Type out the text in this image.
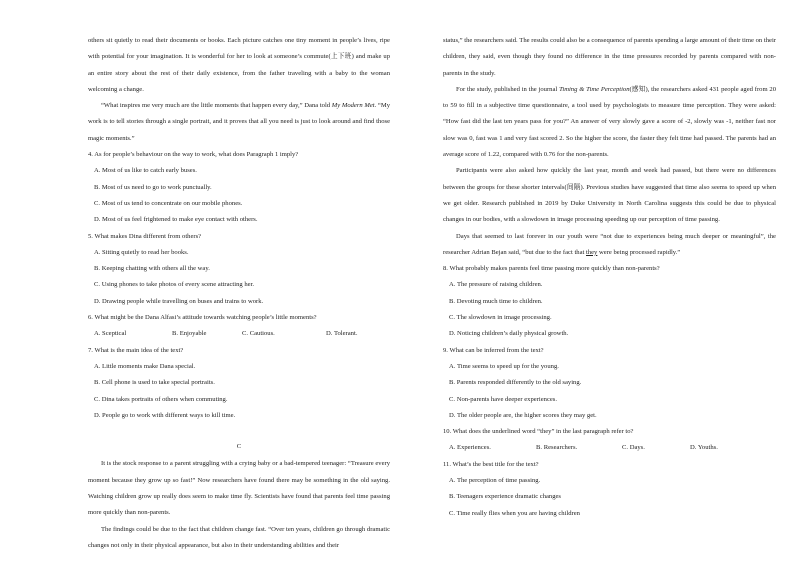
others sit quietly to read their documents or books. Each picture catches one tiny moment in people’s lives, ripe with potential for your imagination. It is wonderful for her to look at someone’s commute(上下班) and make up an entire story about the rest of their daily existence, from the father traveling with a baby to the woman welcoming a change.

“What inspires me very much are the little moments that happen every day,” Dana told My Modern Met. “My work is to tell stories through a single portrait, and it proves that all you need is just to look around and find those magic moments.”

4. As for people’s behaviour on the way to work, what does Paragraph 1 imply?

A. Most of us like to catch early buses.

B. Most of us need to go to work punctually.

C. Most of us tend to concentrate on our mobile phones.

D. Most of us feel frightened to make eye contact with others.

5. What makes Dina different from others?

A. Sitting quietly to read her books.

B. Keeping chatting with others all the way.

C. Using phones to take photos of every scene attracting her.

D. Drawing people while travelling on buses and trains to work.

6. What might be the Dana Alfasi’s attitude towards watching people’s little moments?

A. Sceptical	B. Enjoyable	C. Cautious.	D. Tolerant.

7. What is the main idea of the text?

A. Little moments make Dana special.

B. Cell phone is used to take special portraits.

C. Dina takes portraits of others when commuting.

D. People go to work with different ways to kill time.

C

It is the stock response to a parent struggling with a crying baby or a bad-tempered teenager: “Treasure every moment because they grow up so fast!” Now researchers have found there may be something in the old saying. Watching children grow up really does seem to make time fly. Scientists have found that parents feel time passing more quickly than non-parents.

The findings could be due to the fact that children change fast. “Over ten years, children go through dramatic changes not only in their physical appearance, but also in their understanding abilities and their

status,” the researchers said. The results could also be a consequence of parents spending a large amount of their time on their children, they said, even though they found no difference in the time pressures recorded by parents compared with non-parents in the study.

For the study, published in the journal Timing & Time Perception(感知), the researchers asked 431 people aged from 20 to 59 to fill in a subjective time questionnaire, a tool used by psychologists to measure time perception. They were asked: “How fast did the last ten years pass for you?” An answer of very slowly gave a score of -2, slowly was -1, neither fast nor slow was 0, fast was 1 and very fast scored 2. So the higher the score, the faster they felt time had passed. The parents had an average score of 1.22, compared with 0.76 for the non-parents.

Participants were also asked how quickly the last year, month and week had passed, but there were no differences between the groups for these shorter intervals(间隔). Previous studies have suggested that time also seems to speed up when we get older. Research published in 2019 by Duke University in North Carolina suggests this could be due to physical changes in our bodies, with a slowdown in image processing speeding up our perception of time passing.

Days that seemed to last forever in our youth were “not due to experiences being much deeper or meaningful”, the researcher Adrian Bejan said, “but due to the fact that they were being processed rapidly.”

8. What probably makes parents feel time passing more quickly than non-parents?

A. The pressure of raising children.

B. Devoting much time to children.

C. The slowdown in image processing.

D. Noticing children’s daily physical growth.

9. What can be inferred from the text?

A. Time seems to speed up for the young.

B. Parents responded differently to the old saying.

C. Non-parents have deeper experiences.

D. The older people are, the higher scores they may get.

10. What does the underlined word “they” in the last paragraph refer to?

A. Experiences.	B. Researchers.	C. Days.	D. Youths.

11. What’s the best title for the text?

A. The perception of time passing.

B. Teenagers experience dramatic changes

C. Time really flies when you are having children
